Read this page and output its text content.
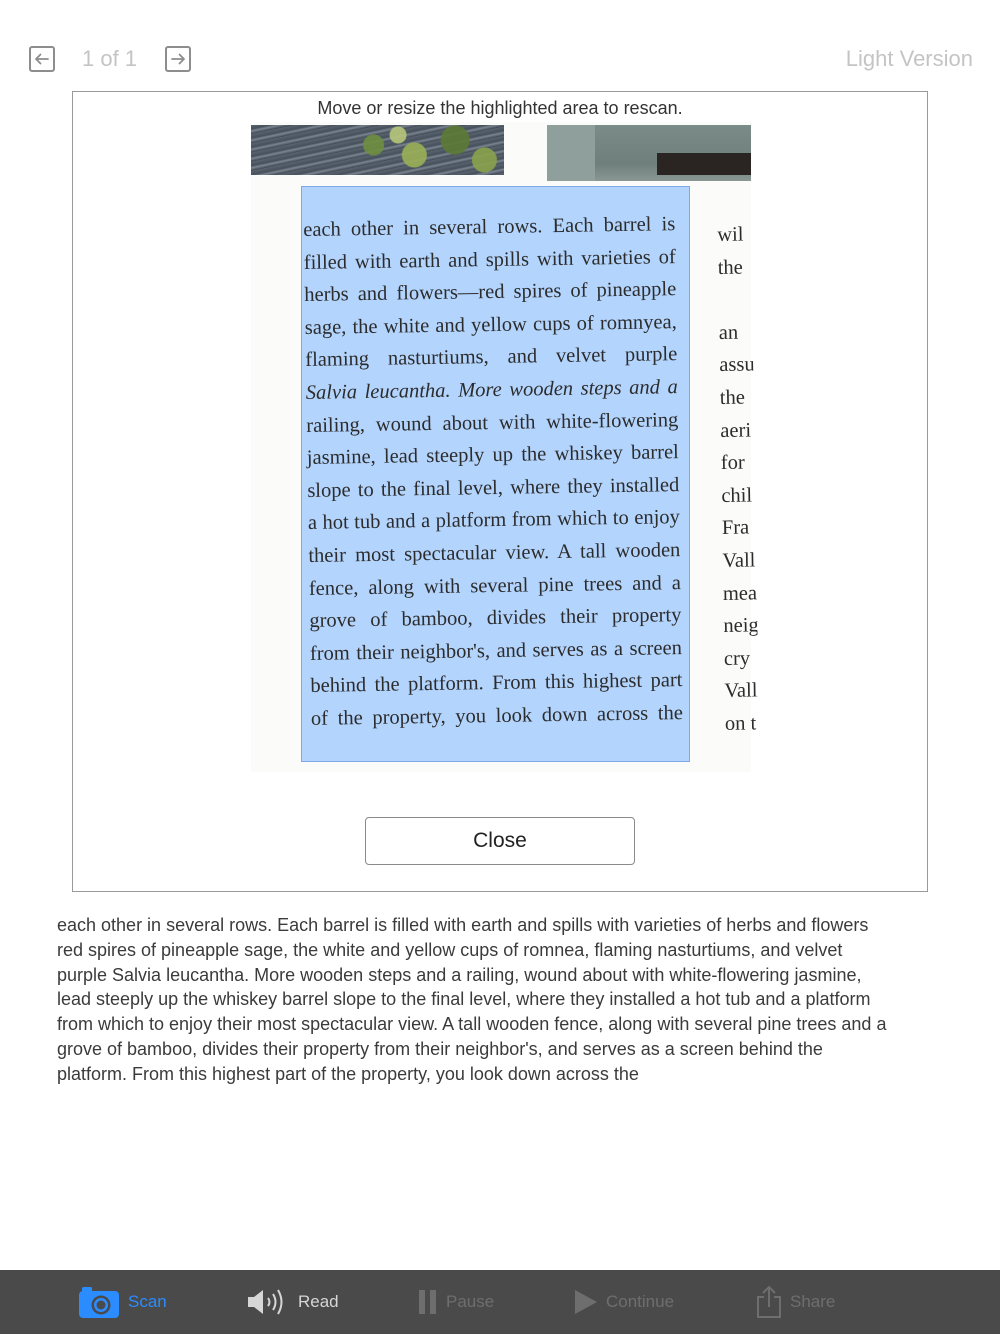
1 of 1	Light Version
Move or resize the highlighted area to rescan.
each other in several rows. Each barrel is
filled with earth and spills with varieties of
herbs and flowers—red spires of pineapple
sage, the white and yellow cups of romnyea,
flaming nasturtiums, and velvet purple
Salvia leucantha. More wooden steps and a
railing, wound about with white-flowering
jasmine, lead steeply up the whiskey barrel
slope to the final level, where they installed
a hot tub and a platform from which to enjoy
their most spectacular view. A tall wooden
fence, along with several pine trees and a
grove of bamboo, divides their property
from their neighbor's, and serves as a screen
behind the platform. From this highest part
of the property, you look down across the
wil
the
an
assu
the
aeri
for
chil
Fra
Vall
mea
neig
cry
Vall
on t
Close
each other in several rows. Each barrel is filled with earth and spills with varieties of herbs and flowers
red spires of pineapple sage, the white and yellow cups of romnea, flaming nasturtiums, and velvet
purple Salvia leucantha. More wooden steps and a railing, wound about with white-flowering jasmine,
lead steeply up the whiskey barrel slope to the final level, where they installed a hot tub and a platform
from which to enjoy their most spectacular view. A tall wooden fence, along with several pine trees and a
grove of bamboo, divides their property from their neighbor's, and serves as a screen behind the
platform. From this highest part of the property, you look down across the
Scan	Read	Pause	Continue	Share
